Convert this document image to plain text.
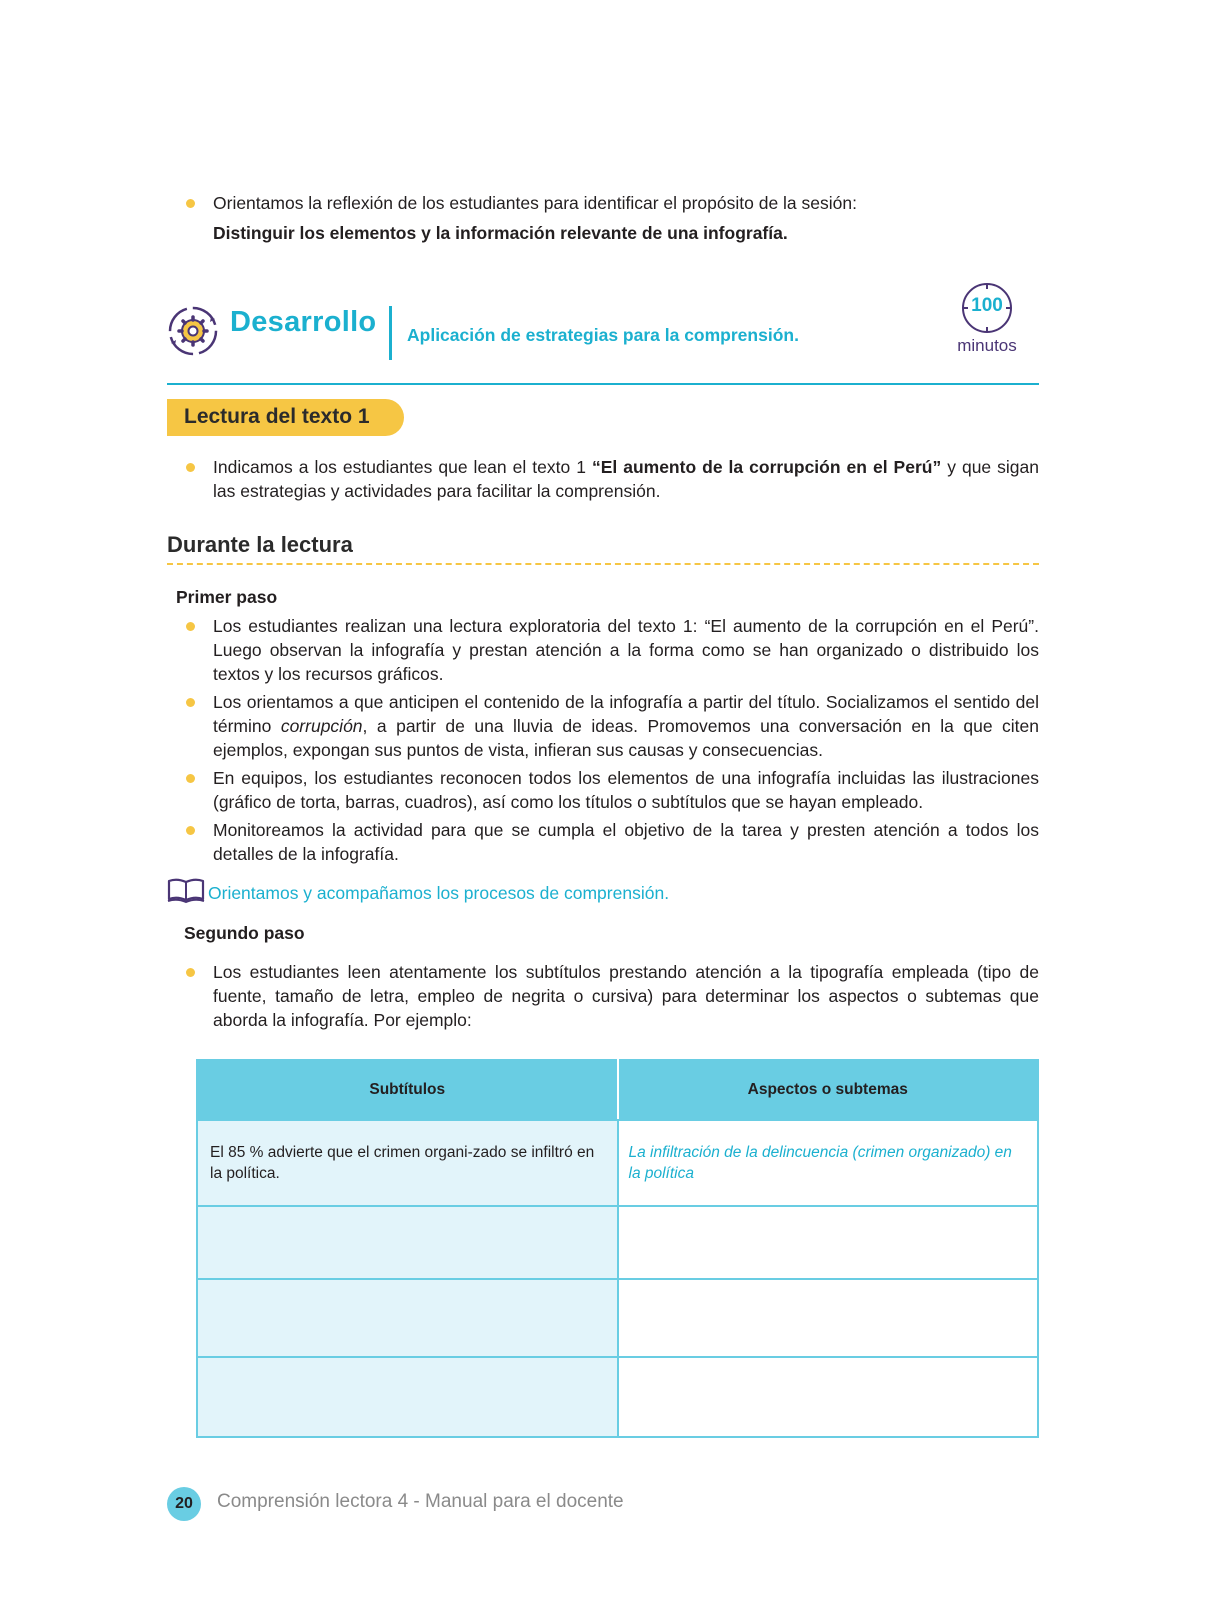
Orientamos la reflexión de los estudiantes para identificar el propósito de la sesión:
Distinguir los elementos y la información relevante de una infografía.
Desarrollo Aplicación de estrategias para la comprensión.
100
minutos
Lectura del texto 1
Indicamos a los estudiantes que lean el texto 1 “El aumento de la corrupción en el Perú” y que sigan las estrategias y actividades para facilitar la comprensión.
Durante la lectura
Primer paso
Los estudiantes realizan una lectura exploratoria del texto 1: “El aumento de la corrupción en el Perú”. Luego observan la infografía y prestan atención a la forma como se han organizado o distribuido los textos y los recursos gráficos.
Los orientamos a que anticipen el contenido de la infografía a partir del título. Socializamos el sentido del término corrupción, a partir de una lluvia de ideas. Promovemos una conversación en la que citen ejemplos, expongan sus puntos de vista, infieran sus causas y consecuencias.
En equipos, los estudiantes reconocen todos los elementos de una infografía incluidas las ilustraciones (gráfico de torta, barras, cuadros), así como los títulos o subtítulos que se hayan empleado.
Monitoreamos la actividad para que se cumpla el objetivo de la tarea y presten atención a todos los detalles de la infografía.
Orientamos y acompañamos los procesos de comprensión.
Segundo paso
Los estudiantes leen atentamente los subtítulos prestando atención a la tipografía empleada (tipo de fuente, tamaño de letra, empleo de negrita o cursiva) para determinar los aspectos o subtemas que aborda la infografía. Por ejemplo:
Subtítulos	Aspectos o subtemas
El 85 % advierte que el crimen organi-zado se infiltró en la política.	La infiltración de la delincuencia (crimen organizado) en la política

20	Comprensión lectora 4 - Manual para el docente
